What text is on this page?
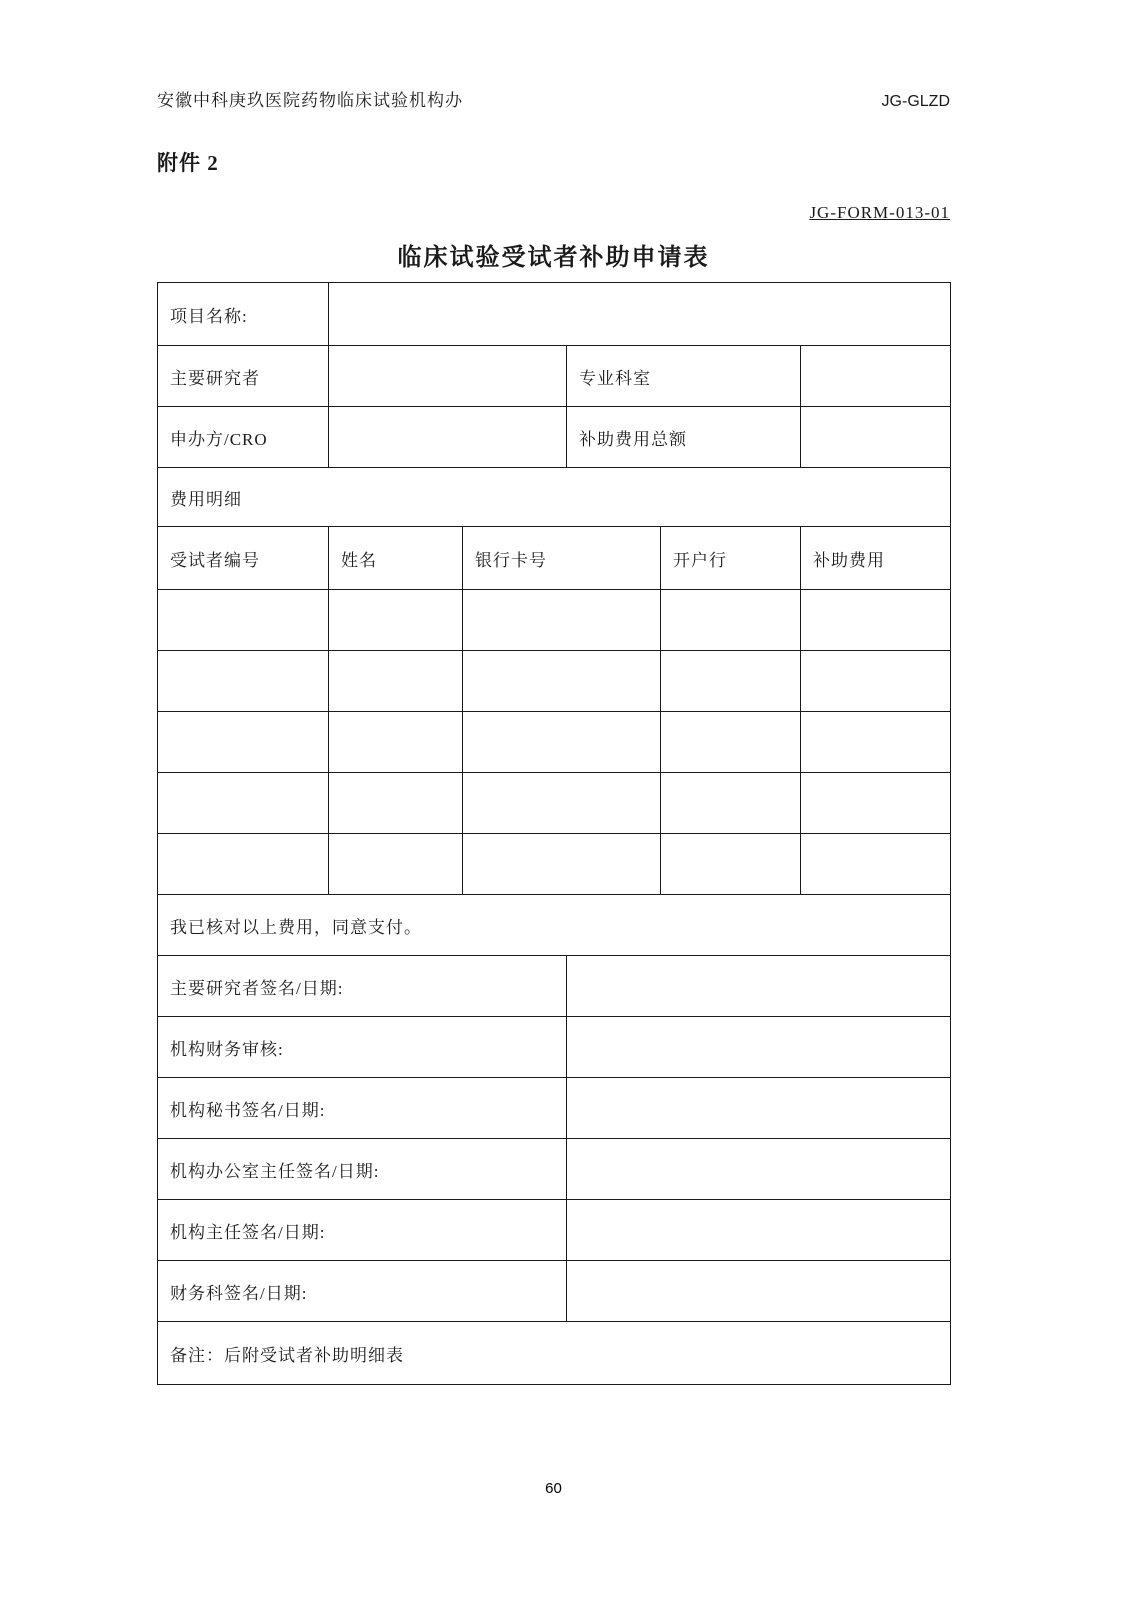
安徽中科庚玖医院药物临床试验机构办	JG-GLZD
附件 2
JG-FORM-013-01
临床试验受试者补助申请表
项目名称:					
主要研究者			专业科室		
申办方/CRO			补助费用总额		
费用明细					
受试者编号	姓名	银行卡号		开户行	补助费用

我已核对以上费用，同意支付。					
主要研究者签名/日期:					
机构财务审核:					
机构秘书签名/日期:					
机构办公室主任签名/日期:					
机构主任签名/日期:					
财务科签名/日期:					
备注：后附受试者补助明细表					
60
